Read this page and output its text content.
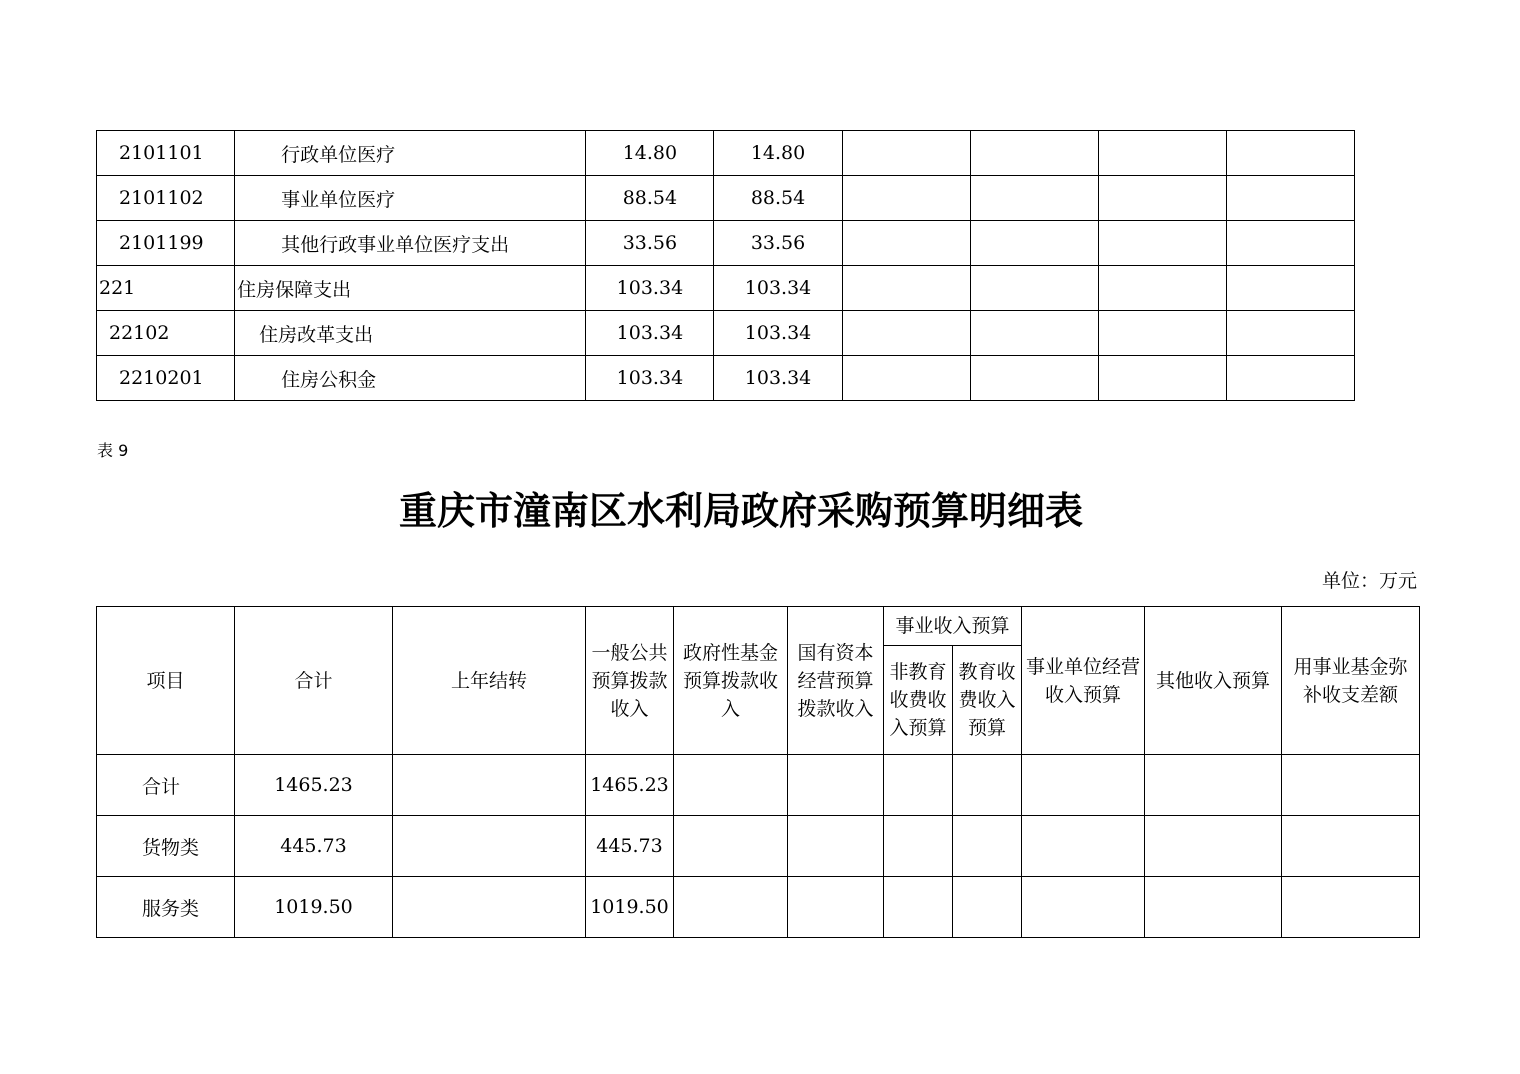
2101101	行政单位医疗	14.80	14.80				
2101102	事业单位医疗	88.54	88.54				
2101199	其他行政事业单位医疗支出	33.56	33.56				
221	住房保障支出	103.34	103.34				
22102	住房改革支出	103.34	103.34				
2210201	住房公积金	103.34	103.34				
表 9
重庆市潼南区水利局政府采购预算明细表
单位：万元
项目	合计	上年结转	一般公共预算拨款收入	政府性基金预算拨款收入	国有资本经营预算拨款收入	事业收入预算		事业单位经营收入预算	其他收入预算	用事业基金弥补收支差额
						非教育收费收入预算	教育收费收入预算			
合计	1465.23		1465.23							
货物类	445.73		445.73							
服务类	1019.50		1019.50							
